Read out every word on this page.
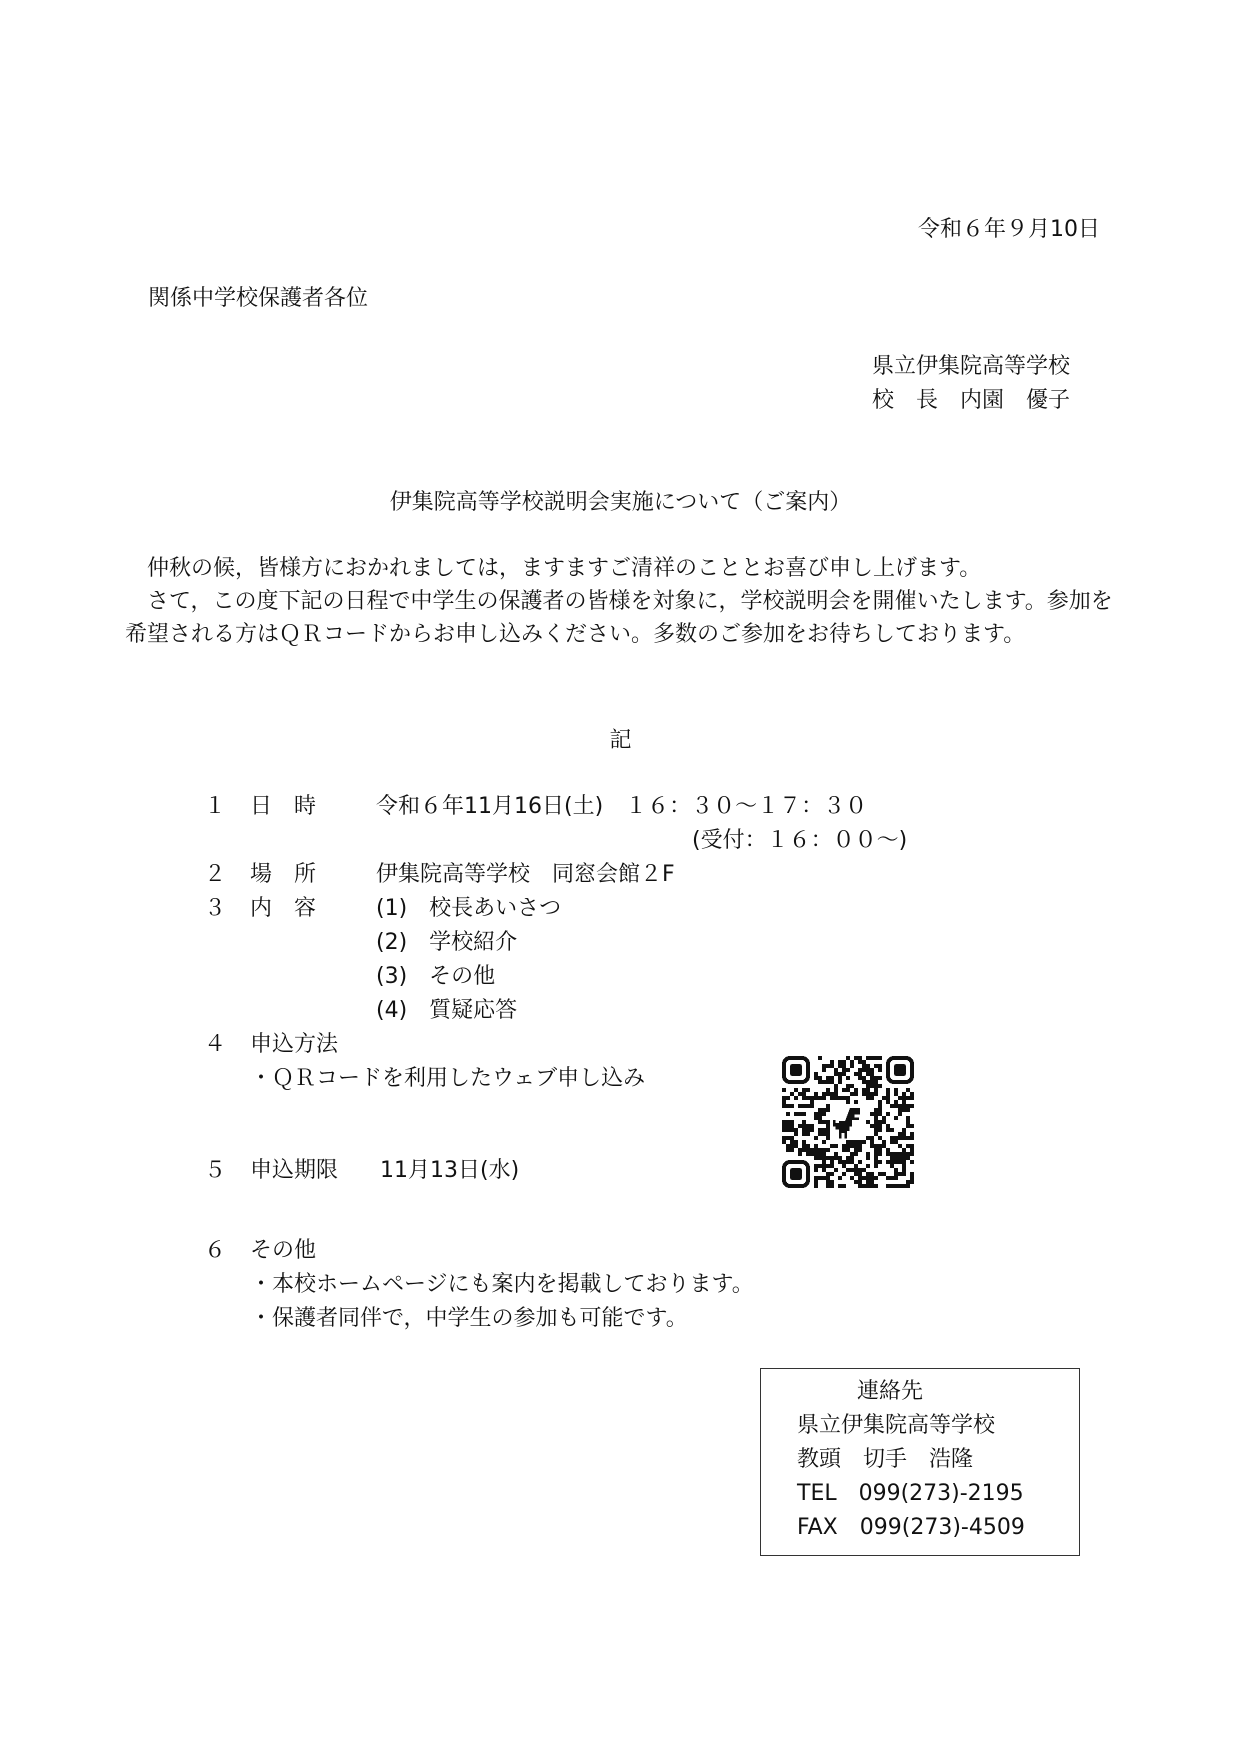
令和６年９月10日
関係中学校保護者各位
県立伊集院高等学校
校　長　内園　優子
伊集院高等学校説明会実施について（ご案内）

仲秋の候，皆様方におかれましては，ますますご清祥のこととお喜び申し上げます。

さて，この度下記の日程で中学生の保護者の皆様を対象に，学校説明会を開催いたします。参加を希望される方はＱＲコードからお申し込みください。多数のご参加をお待ちしております。

記
１ 日　時	令和６年11月16日(土)　１６：３０～１７：３０
(受付：１６：００～)
２ 場　所	伊集院高等学校　同窓会館２F
３ 内　容	(1)　校長あいさつ
(2)　学校紹介
(3)　その他
(4)　質疑応答
４ 申込方法
・ＱＲコードを利用したウェブ申し込み
５ 申込期限 11月13日(水)
６ その他
・本校ホームページにも案内を掲載しております。
・保護者同伴で，中学生の参加も可能です。
連絡先
県立伊集院高等学校
教頭　切手　浩隆
TEL　099(273)-2195
FAX　099(273)-4509
